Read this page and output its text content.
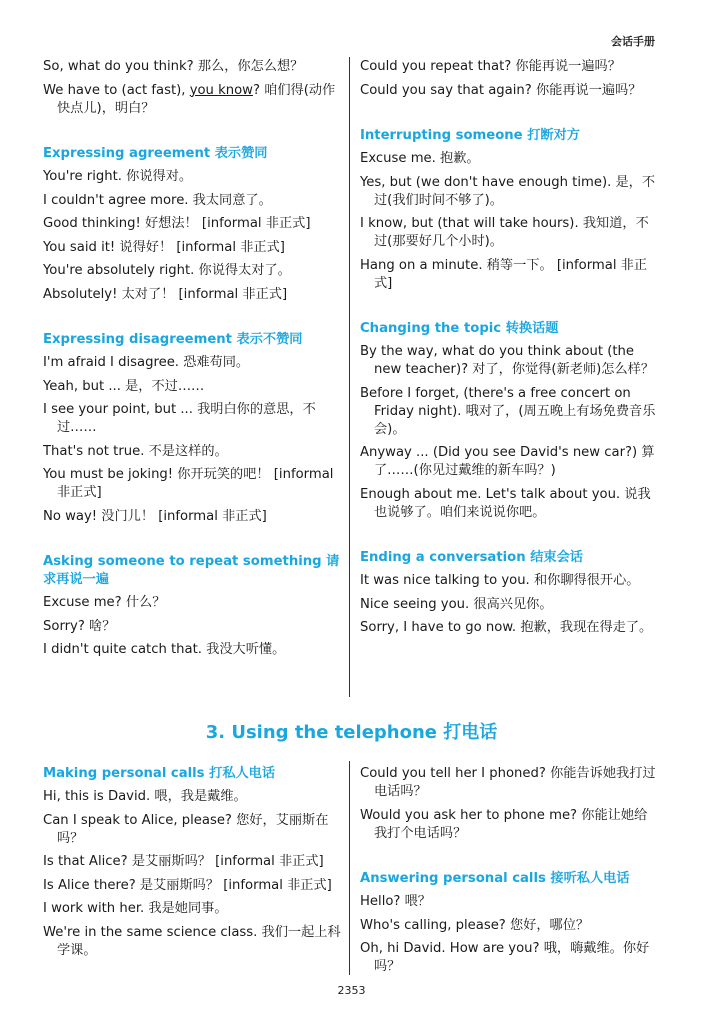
会话手册

So, what do you think? 那么，你怎么想？

We have to (act fast), you know? 咱们得(动作快点儿)，明白？

Expressing agreement 表示赞同

You're right. 你说得对。

I couldn't agree more. 我太同意了。

Good thinking! 好想法！ [informal 非正式]

You said it! 说得好！ [informal 非正式]

You're absolutely right. 你说得太对了。

Absolutely! 太对了！ [informal 非正式]

Expressing disagreement 表示不赞同

I'm afraid I disagree. 恐难苟同。

Yeah, but ... 是，不过……

I see your point, but ... 我明白你的意思，不过……

That's not true. 不是这样的。

You must be joking! 你开玩笑的吧！ [informal 非正式]

No way! 没门儿！ [informal 非正式]

Asking someone to repeat something 请求再说一遍

Excuse me? 什么？

Sorry? 啥？

I didn't quite catch that. 我没大听懂。

Could you repeat that? 你能再说一遍吗？

Could you say that again? 你能再说一遍吗？

Interrupting someone 打断对方

Excuse me. 抱歉。

Yes, but (we don't have enough time). 是，不过(我们时间不够了)。

I know, but (that will take hours). 我知道，不过(那要好几个小时)。

Hang on a minute. 稍等一下。 [informal 非正式]

Changing the topic 转换话题

By the way, what do you think about (the new teacher)? 对了，你觉得(新老师)怎么样？

Before I forget, (there's a free concert on Friday night). 哦对了，(周五晚上有场免费音乐会)。

Anyway ... (Did you see David's new car?) 算了……(你见过戴维的新车吗？)

Enough about me. Let's talk about you. 说我也说够了。咱们来说说你吧。

Ending a conversation 结束会话

It was nice talking to you. 和你聊得很开心。

Nice seeing you. 很高兴见你。

Sorry, I have to go now. 抱歉，我现在得走了。

3. Using the telephone 打电话
Making personal calls 打私人电话

Hi, this is David. 喂，我是戴维。

Can I speak to Alice, please? 您好，艾丽斯在吗？

Is that Alice? 是艾丽斯吗？ [informal 非正式]

Is Alice there? 是艾丽斯吗？ [informal 非正式]

I work with her. 我是她同事。

We're in the same science class. 我们一起上科学课。

Could you tell her I phoned? 你能告诉她我打过电话吗？

Would you ask her to phone me? 你能让她给我打个电话吗？

Answering personal calls 接听私人电话

Hello? 喂？

Who's calling, please? 您好，哪位？

Oh, hi David. How are you? 哦，嗨戴维。你好吗？

2353
